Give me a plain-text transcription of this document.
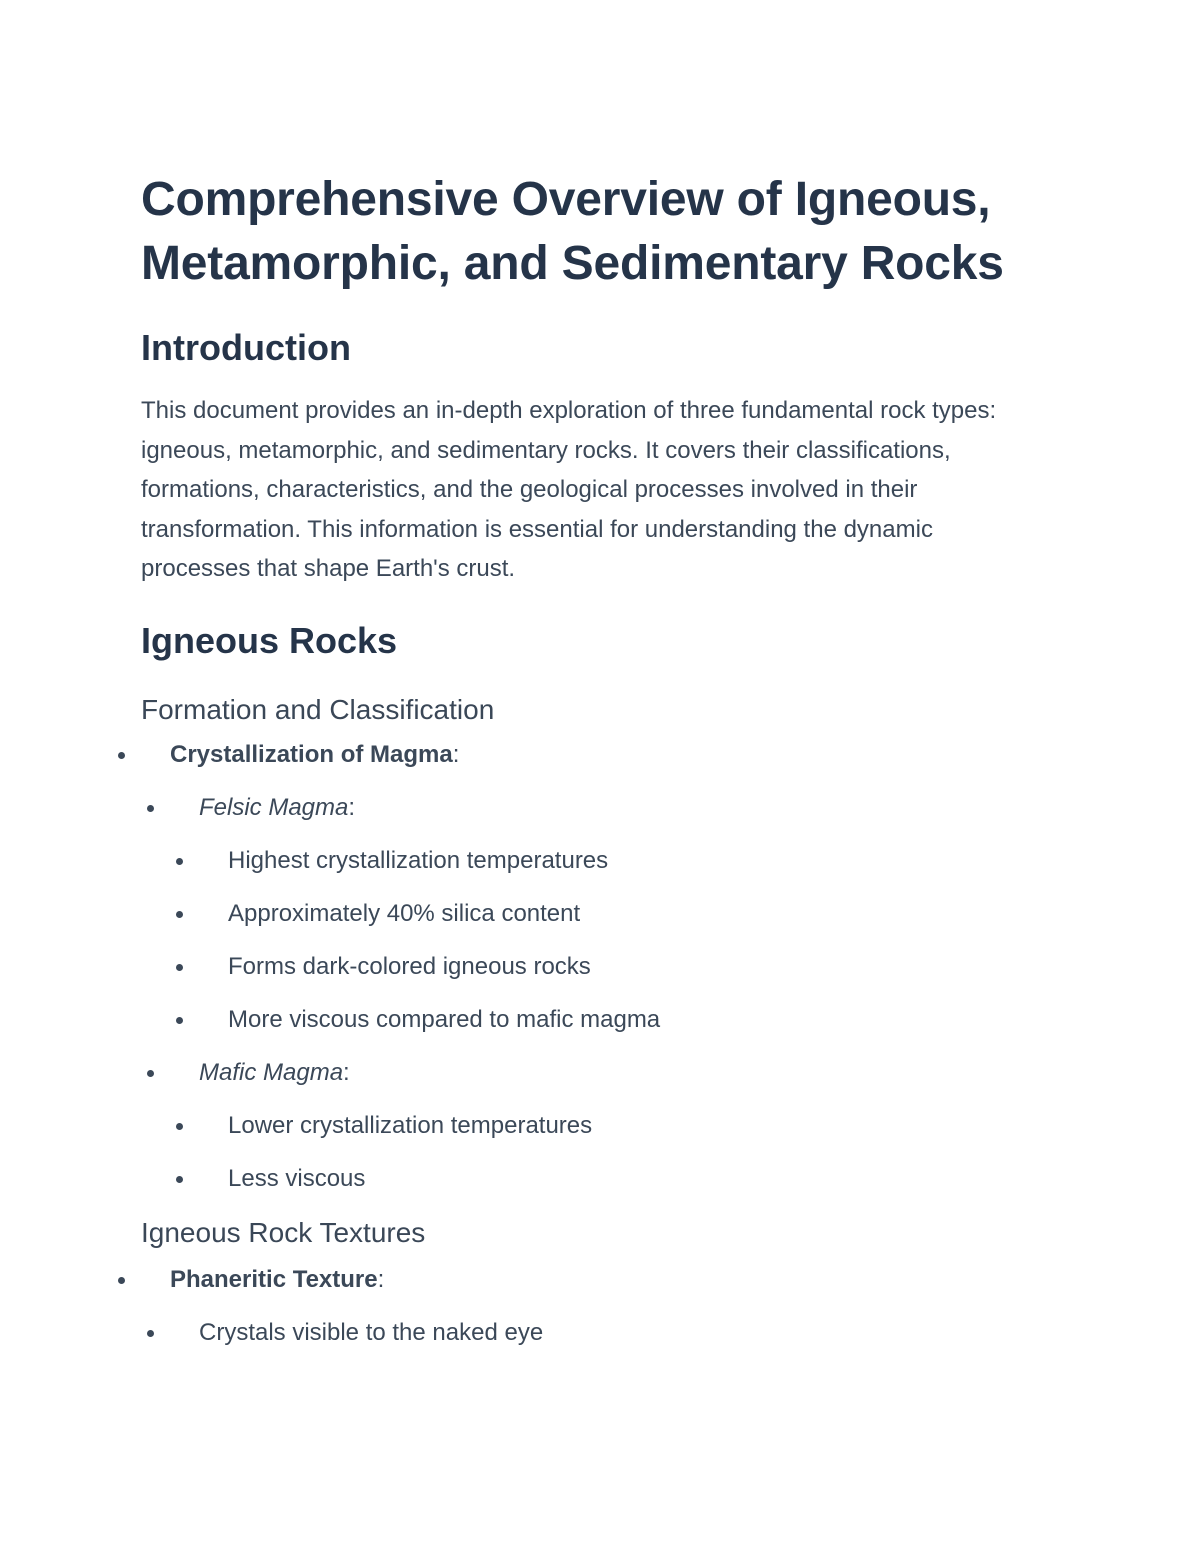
Comprehensive Overview of Igneous, Metamorphic, and Sedimentary Rocks
Introduction

This document provides an in-depth exploration of three fundamental rock types: igneous, metamorphic, and sedimentary rocks. It covers their classifications, formations, characteristics, and the geological processes involved in their transformation. This information is essential for understanding the dynamic processes that shape Earth's crust.

Igneous Rocks
Formation and Classification
Crystallization of Magma:
Felsic Magma:
Highest crystallization temperatures
Approximately 40% silica content
Forms dark-colored igneous rocks
More viscous compared to mafic magma
Mafic Magma:
Lower crystallization temperatures
Less viscous
Igneous Rock Textures
Phaneritic Texture:
Crystals visible to the naked eye
